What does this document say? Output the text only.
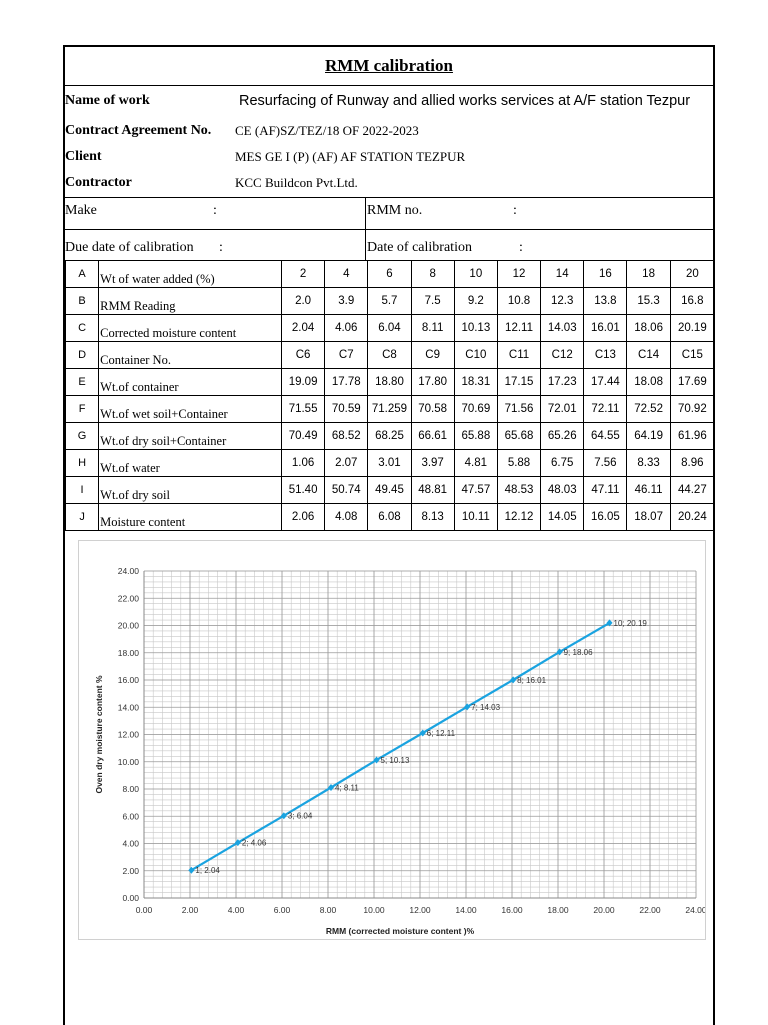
RMM calibration
Name of work	Resurfacing of Runway and allied works services at A/F station Tezpur
Contract Agreement No. CE (AF)SZ/TEZ/18 OF 2022-2023
Client	MES GE I (P) (AF) AF STATION TEZPUR
Contractor	KCC Buildcon Pvt.Ltd.
Make	:	RMM no.	:
Due date of calibration :	Date of calibration	:
A	Wt of water added (%)	2	4	6	8	10	12	14	16	18	20
B	RMM Reading	2.0	3.9	5.7	7.5	9.2	10.8	12.3	13.8	15.3	16.8
C	Corrected moisture content	2.04	4.06	6.04	8.11	10.13	12.11	14.03	16.01	18.06	20.19
D	Container No.	C6	C7	C8	C9	C10	C11	C12	C13	C14	C15
E	Wt.of container	19.09	17.78	18.80	17.80	18.31	17.15	17.23	17.44	18.08	17.69
F	Wt.of wet soil+Container	71.55	70.59	71.259	70.58	70.69	71.56	72.01	72.11	72.52	70.92
G	Wt.of dry soil+Container	70.49	68.52	68.25	66.61	65.88	65.68	65.26	64.55	64.19	61.96
H	Wt.of water	1.06	2.07	3.01	3.97	4.81	5.88	6.75	7.56	8.33	8.96
I	Wt.of dry soil	51.40	50.74	49.45	48.81	47.57	48.53	48.03	47.11	46.11	44.27
J	Moisture content	2.06	4.08	6.08	8.13	10.11	12.12	14.05	16.05	18.07	20.24
0.00	2.00	4.00	6.00	8.00	10.00	12.00	14.00	16.00	18.00	20.00	22.00	24.00
0.00
2.00
4.00
6.00
8.00
10.00
12.00
14.00
16.00
18.00
20.00
22.00
24.00
RMM (corrected moisture content )%
Oven dry moisture content %
1; 2.04
2; 4.06
3; 6.04
4; 8.11
5; 10.13
6; 12.11
7; 14.03
8; 16.01
9; 18.06
10; 20.19
